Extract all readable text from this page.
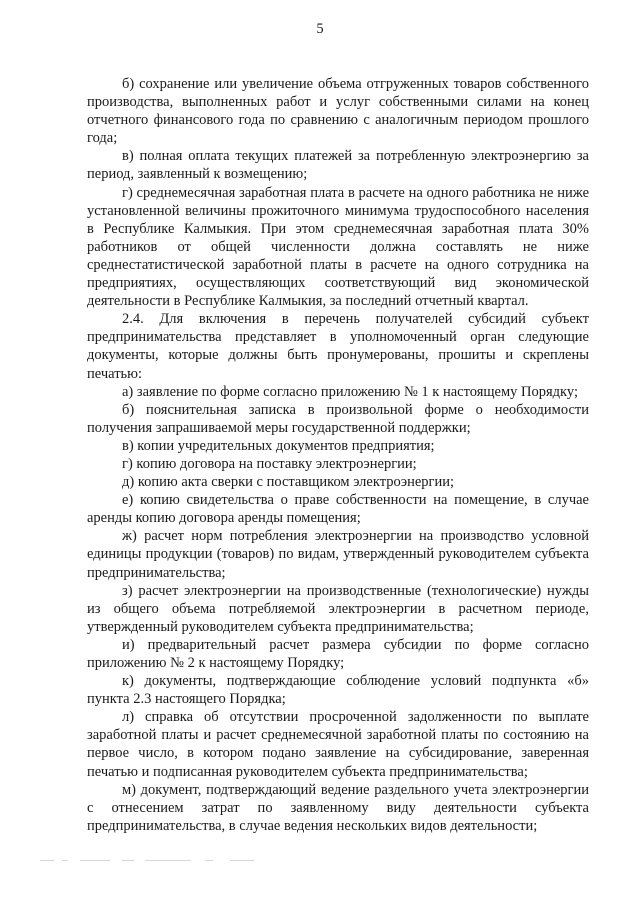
5

б) сохранение или увеличение объема отгруженных товаров собственного производства, выполненных работ и услуг собственными силами на конец отчетного финансового года по сравнению с аналогичным периодом прошлого года;

в) полная оплата текущих платежей за потребленную электроэнергию за период, заявленный к возмещению;

г) среднемесячная заработная плата в расчете на одного работника не ниже установленной величины прожиточного минимума трудоспособного населения в Республике Калмыкия. При этом среднемесячная заработная плата 30% работников от общей численности должна составлять не ниже среднестатистической заработной платы в расчете на одного сотрудника на предприятиях, осуществляющих соответствующий вид экономической деятельности в Республике Калмыкия, за последний отчетный квартал.

2.4. Для включения в перечень получателей субсидий субъект предпринимательства представляет в уполномоченный орган следующие документы, которые должны быть пронумерованы, прошиты и скреплены печатью:

а) заявление по форме согласно приложению № 1 к настоящему Порядку;

б) пояснительная записка в произвольной форме о необходимости получения запрашиваемой меры государственной поддержки;

в) копии учредительных документов предприятия;

г) копию договора на поставку электроэнергии;

д) копию акта сверки с поставщиком электроэнергии;

е) копию свидетельства о праве собственности на помещение, в случае аренды копию договора аренды помещения;

ж) расчет норм потребления электроэнергии на производство условной единицы продукции (товаров) по видам, утвержденный руководителем субъекта предпринимательства;

з) расчет электроэнергии на производственные (технологические) нужды из общего объема потребляемой электроэнергии в расчетном периоде, утвержденный руководителем субъекта предпринимательства;

и) предварительный расчет размера субсидии по форме согласно приложению № 2 к настоящему Порядку;

к) документы, подтверждающие соблюдение условий подпункта «б» пункта 2.3 настоящего Порядка;

л) справка об отсутствии просроченной задолженности по выплате заработной платы и расчет среднемесячной заработной платы по состоянию на первое число, в котором подано заявление на субсидирование, заверенная печатью и подписанная руководителем субъекта предпринимательства;

м) документ, подтверждающий ведение раздельного учета электроэнергии с отнесением затрат по заявленному виду деятельности субъекта предпринимательства, в случае ведения нескольких видов деятельности;
